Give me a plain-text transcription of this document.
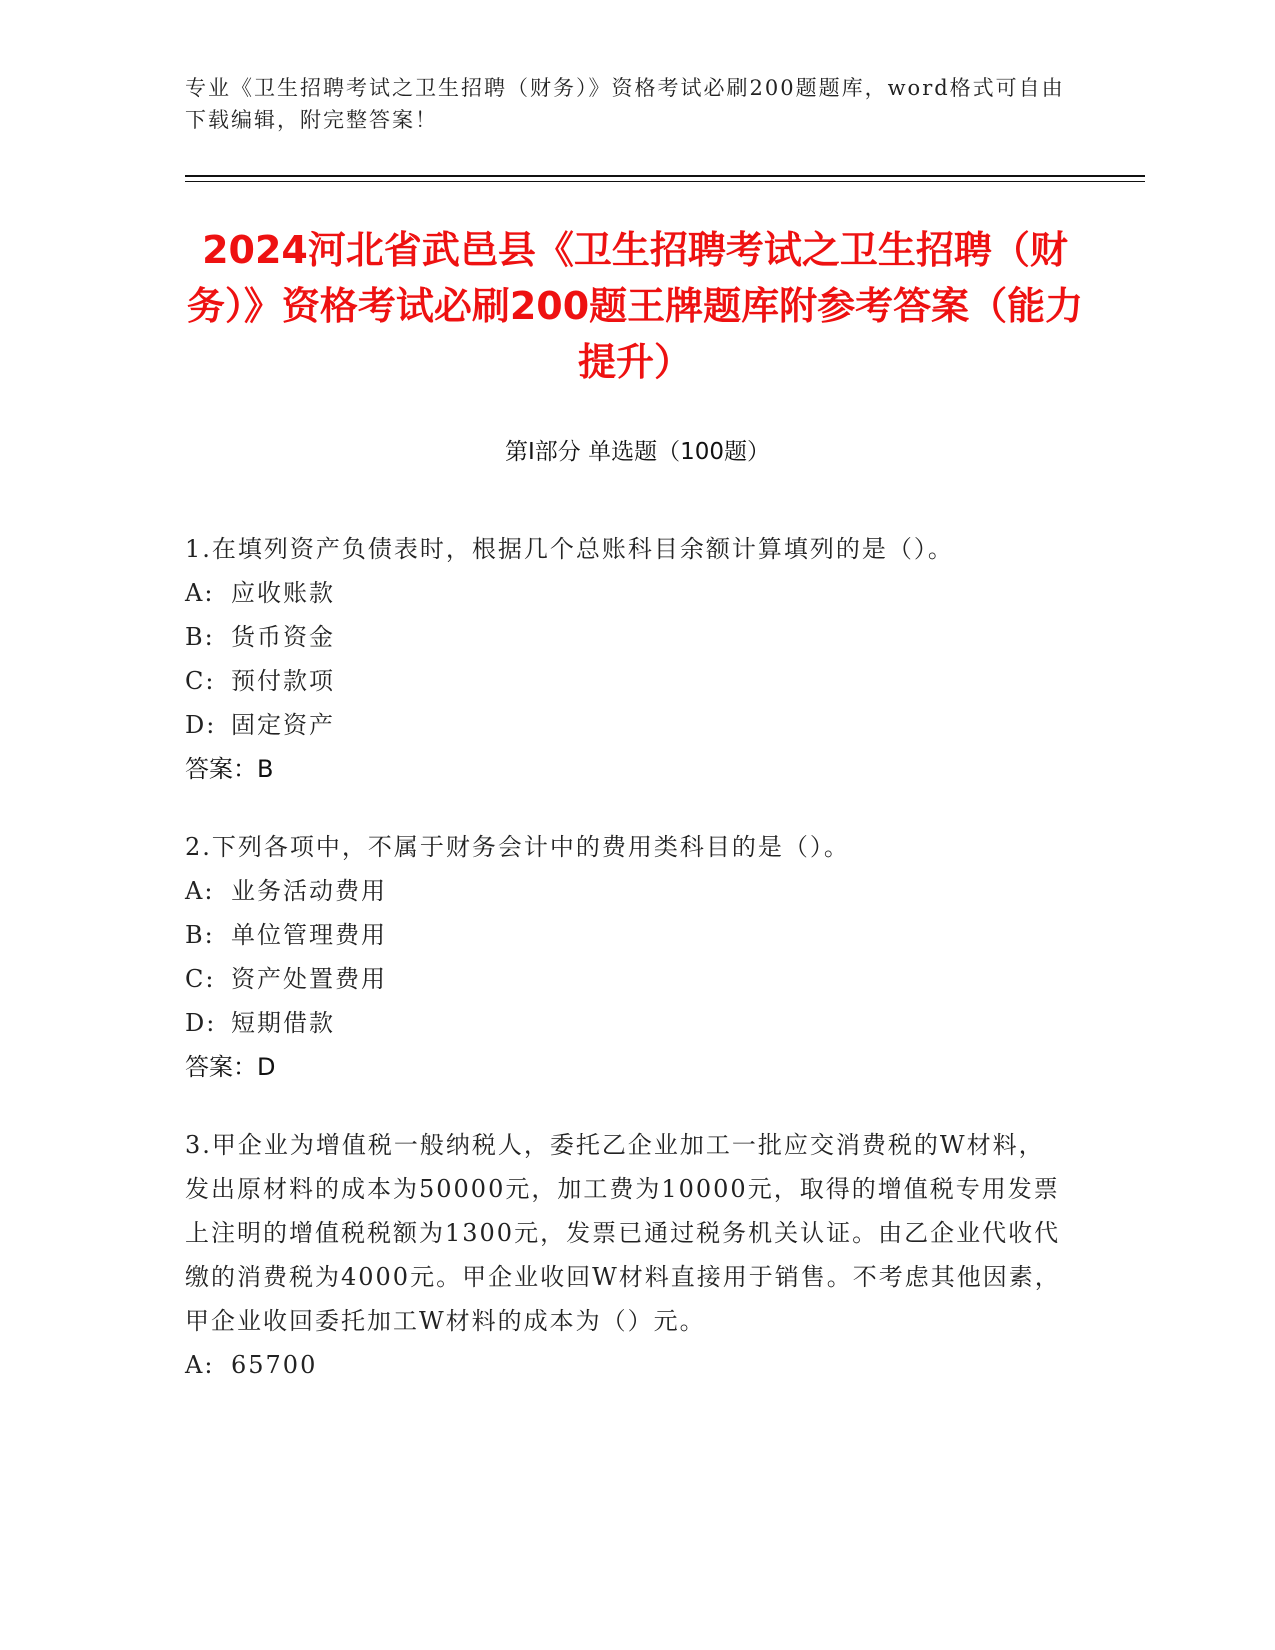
专业《卫生招聘考试之卫生招聘（财务）》资格考试必刷200题题库，word格式可自由下载编辑，附完整答案！
2024河北省武邑县《卫生招聘考试之卫生招聘（财务）》资格考试必刷200题王牌题库附参考答案（能力提升）
第I部分 单选题（100题）

1.在填列资产负债表时，根据几个总账科目余额计算填列的是（）。

A: 应收账款
B: 货币资金
C: 预付款项
D: 固定资产
答案：B

2.下列各项中，不属于财务会计中的费用类科目的是（）。

A: 业务活动费用
B: 单位管理费用
C: 资产处置费用
D: 短期借款
答案：D

3.甲企业为增值税一般纳税人，委托乙企业加工一批应交消费税的W材料，发出原材料的成本为50000元，加工费为10000元，取得的增值税专用发票上注明的增值税税额为1300元，发票已通过税务机关认证。由乙企业代收代缴的消费税为4000元。甲企业收回W材料直接用于销售。不考虑其他因素，甲企业收回委托加工W材料的成本为（）元。

A: 65700
